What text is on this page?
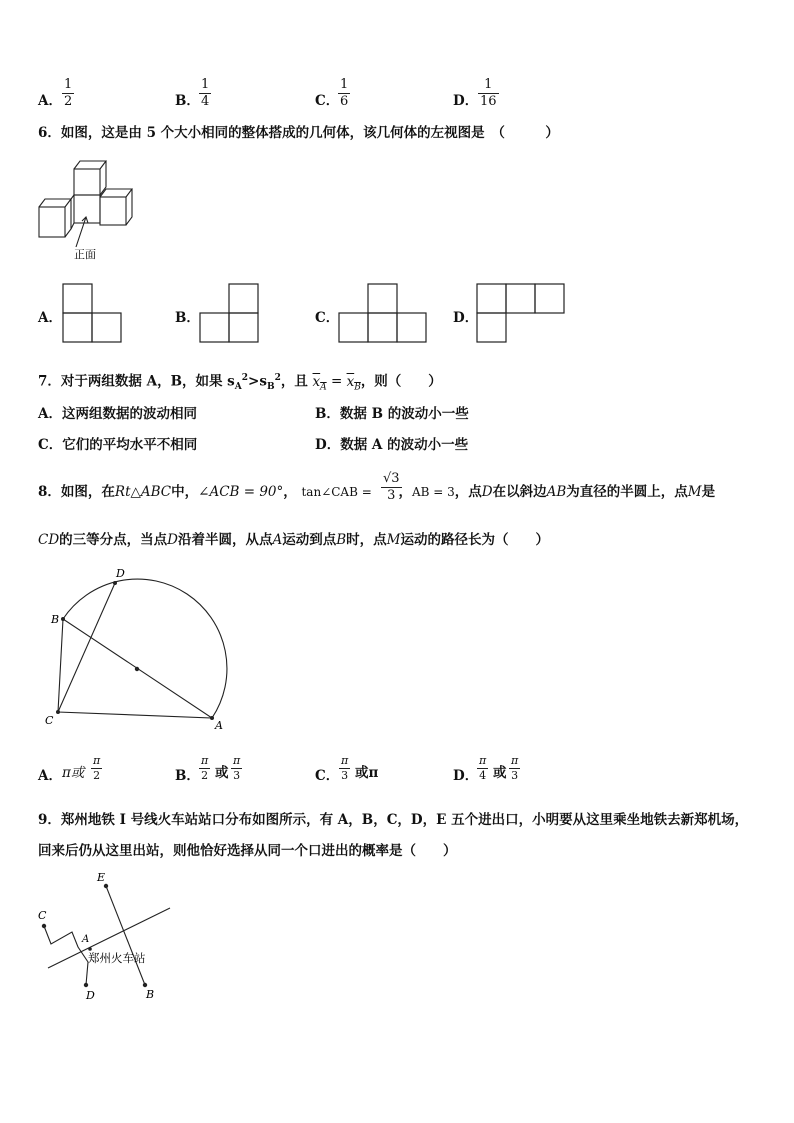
A．
1
2	B．
1
4	C．
1
6	D．
1
16
6．如图，这是由 5 个大小相同的整体搭成的几何体，该几何体的左视图是　（　　　）
正面
A．	B．	C．	D．
7．对于两组数据 A，B，如果 $s_A^2>s_B^2$，且 $x_A = x_B$，则（　　）
A．这两组数据的波动相同	B．数据 B 的波动小一些
C．它们的平均水平不相同	D．数据 A 的波动小一些
8．如图，在Rt△ABC中，∠ACB = 90°， tan∠CAB = ，AB = 3，点D在以斜边AB为直径的半圆上，点M是
√3
3
CD的三等分点，当点D沿着半圆，从点A运动到点B时，点M运动的路径长为（　　）
D
B
C	A
A． π或
π
2	B．
π
2 或
π
3	C．
π
3 或π	D．
π
4 或
π
3
9．郑州地铁 I 号线火车站站口分布如图所示，有 A，B，C，D，E 五个进出口，小明要从这里乘坐地铁去新郑机场，
回来后仍从这里出站，则他恰好选择从同一个口进出的概率是（　　）
E
C
A
D	B
郑州火车站
